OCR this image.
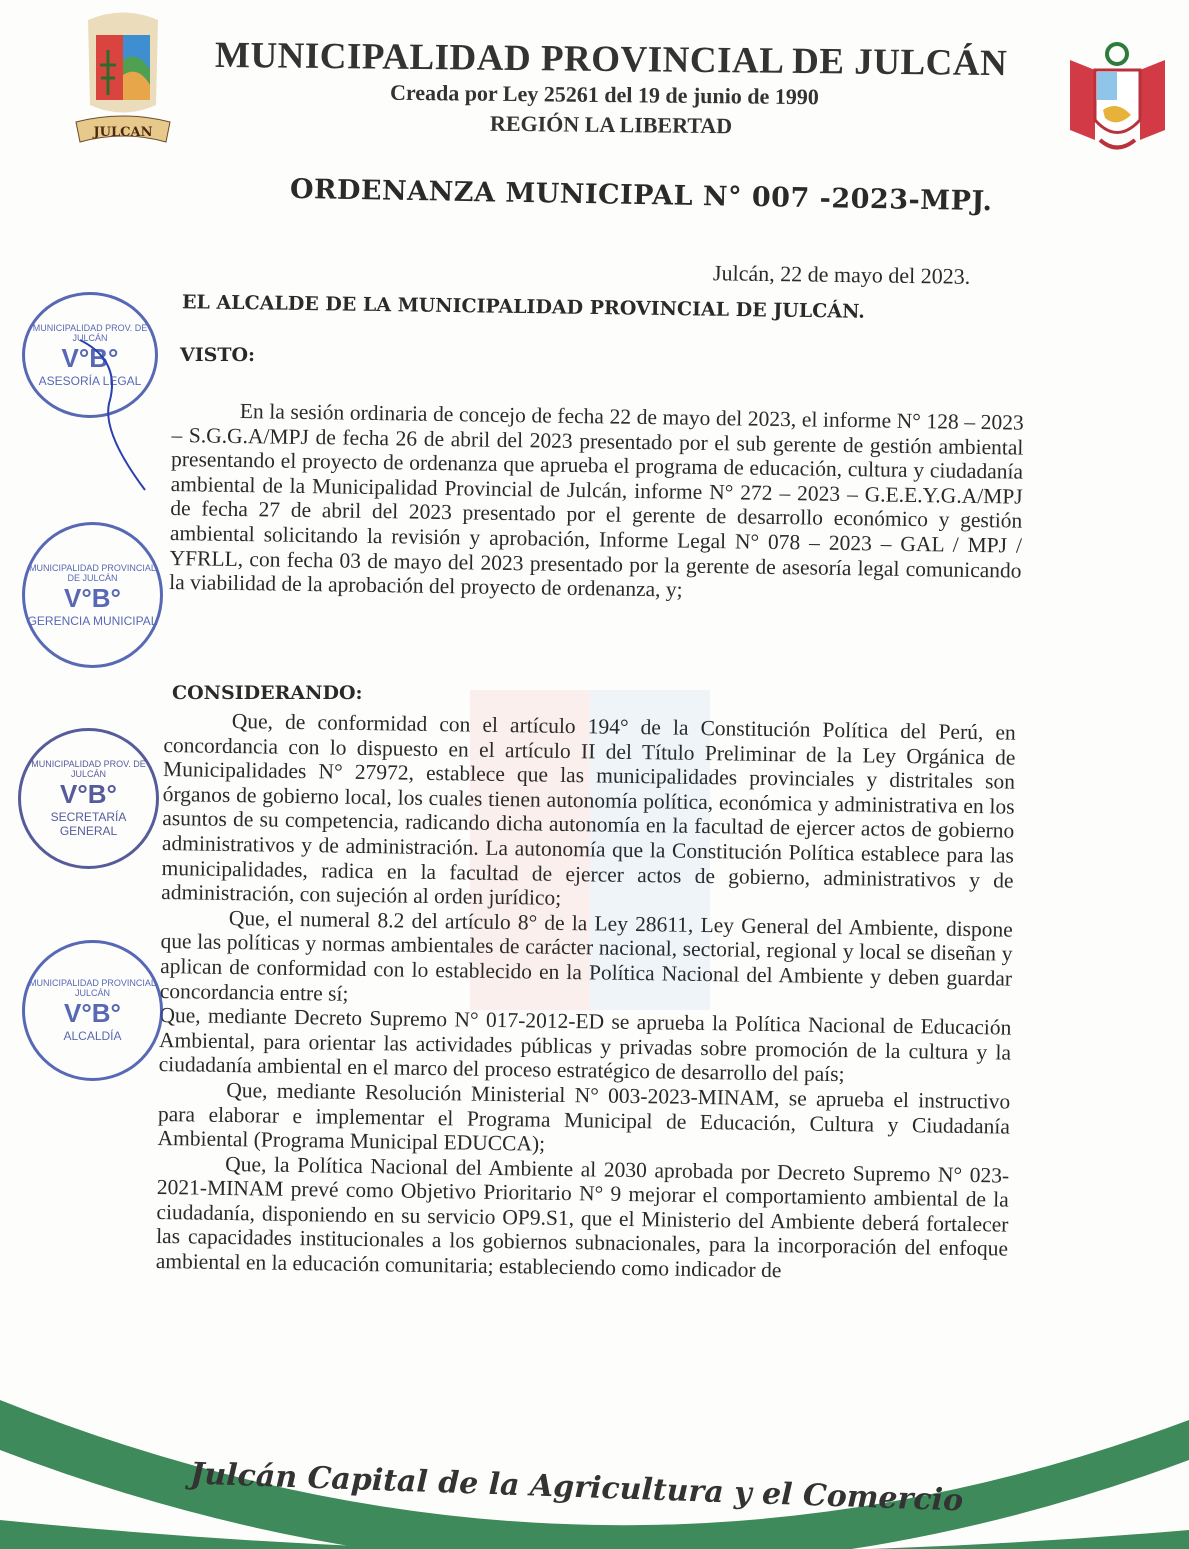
JULCAN
MUNICIPALIDAD PROVINCIAL DE JULCÁN
Creada por Ley 25261 del 19 de junio de 1990
REGIÓN LA LIBERTAD
ORDENANZA MUNICIPAL N° 007 -2023-MPJ.
Julcán, 22 de mayo del 2023.
EL ALCALDE DE LA MUNICIPALIDAD PROVINCIAL DE JULCÁN.
VISTO:

En la sesión ordinaria de concejo de fecha 22 de mayo del 2023, el informe N° 128 – 2023 – S.G.G.A/MPJ de fecha 26 de abril del 2023 presentado por el sub gerente de gestión ambiental presentando el proyecto de ordenanza que aprueba el programa de educación, cultura y ciudadanía ambiental de la Municipalidad Provincial de Julcán, informe N° 272 – 2023 – G.E.E.Y.G.A/MPJ de fecha 27 de abril del 2023 presentado por el gerente de desarrollo económico y gestión ambiental solicitando la revisión y aprobación, Informe Legal N° 078 – 2023 – GAL / MPJ / YFRLL, con fecha 03 de mayo del 2023 presentado por la gerente de asesoría legal comunicando la viabilidad de la aprobación del proyecto de ordenanza, y;

CONSIDERANDO:

Que, de conformidad con el artículo 194° de la Constitución Política del Perú, en concordancia con lo dispuesto en el artículo II del Título Preliminar de la Ley Orgánica de Municipalidades N° 27972, establece que las municipalidades provinciales y distritales son órganos de gobierno local, los cuales tienen autonomía política, económica y administrativa en los asuntos de su competencia, radicando dicha autonomía en la facultad de ejercer actos de gobierno administrativos y de administración. La autonomía que la Constitución Política establece para las municipalidades, radica en la facultad de ejercer actos de gobierno, administrativos y de administración, con sujeción al orden jurídico;

Que, el numeral 8.2 del artículo 8° de la Ley 28611, Ley General del Ambiente, dispone que las políticas y normas ambientales de carácter nacional, sectorial, regional y local se diseñan y aplican de conformidad con lo establecido en la Política Nacional del Ambiente y deben guardar concordancia entre sí;

Que, mediante Decreto Supremo N° 017-2012-ED se aprueba la Política Nacional de Educación Ambiental, para orientar las actividades públicas y privadas sobre promoción de la cultura y la ciudadanía ambiental en el marco del proceso estratégico de desarrollo del país;

Que, mediante Resolución Ministerial N° 003-2023-MINAM, se aprueba el instructivo para elaborar e implementar el Programa Municipal de Educación, Cultura y Ciudadanía Ambiental (Programa Municipal EDUCCA);

Que, la Política Nacional del Ambiente al 2030 aprobada por Decreto Supremo N° 023-2021-MINAM prevé como Objetivo Prioritario N° 9 mejorar el comportamiento ambiental de la ciudadanía, disponiendo en su servicio OP9.S1, que el Ministerio del Ambiente deberá fortalecer las capacidades institucionales a los gobiernos subnacionales, para la incorporación del enfoque ambiental en la educación comunitaria; estableciendo como indicador de

MUNICIPALIDAD PROV. DE JULCÁN
V°B°
ASESORÍA LEGAL
MUNICIPALIDAD PROVINCIAL DE JULCÁN
V°B°
GERENCIA MUNICIPAL
MUNICIPALIDAD PROV. DE JULCÁN
V°B°
SECRETARÍA GENERAL
MUNICIPALIDAD PROVINCIAL JULCÁN
V°B°
ALCALDÍA
Julcán Capital de la Agricultura y el Comercio
